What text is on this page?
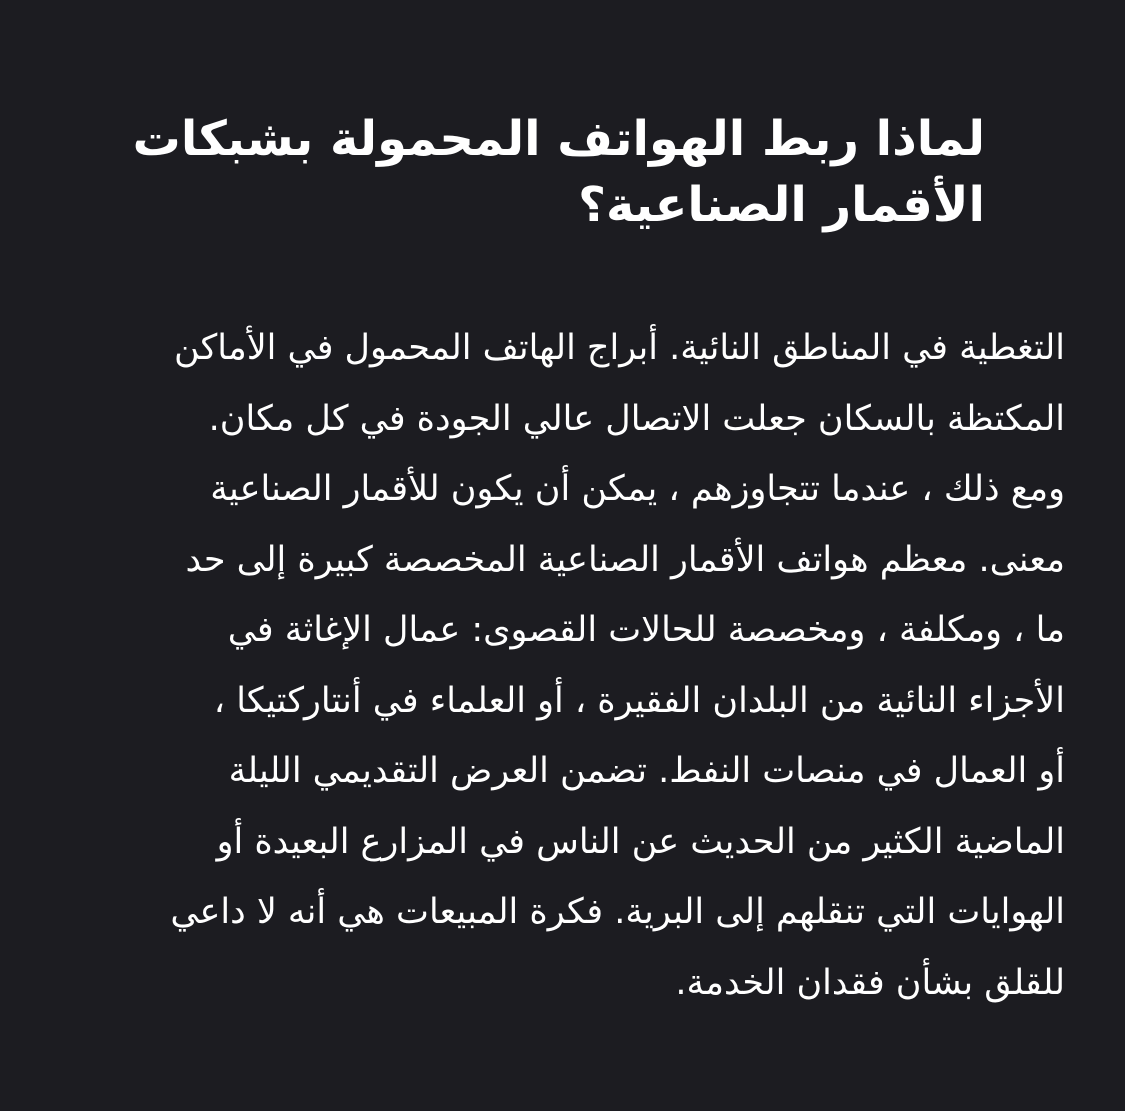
لماذا ربط الهواتف المحمولة بشبكات
الأقمار الصناعية؟
التغطية في المناطق النائية. أبراج الهاتف المحمول في الأماكن
المكتظة بالسكان جعلت الاتصال عالي الجودة في كل مكان.
ومع ذلك ، عندما تتجاوزهم ، يمكن أن يكون للأقمار الصناعية
معنى. معظم هواتف الأقمار الصناعية المخصصة كبيرة إلى حد
ما ، ومكلفة ، ومخصصة للحالات القصوى: عمال الإغاثة في
الأجزاء النائية من البلدان الفقيرة ، أو العلماء في أنتاركتيكا ،
أو العمال في منصات النفط. تضمن العرض التقديمي الليلة
الماضية الكثير من الحديث عن الناس في المزارع البعيدة أو
الهوايات التي تنقلهم إلى البرية. فكرة المبيعات هي أنه لا داعي
للقلق بشأن فقدان الخدمة.
